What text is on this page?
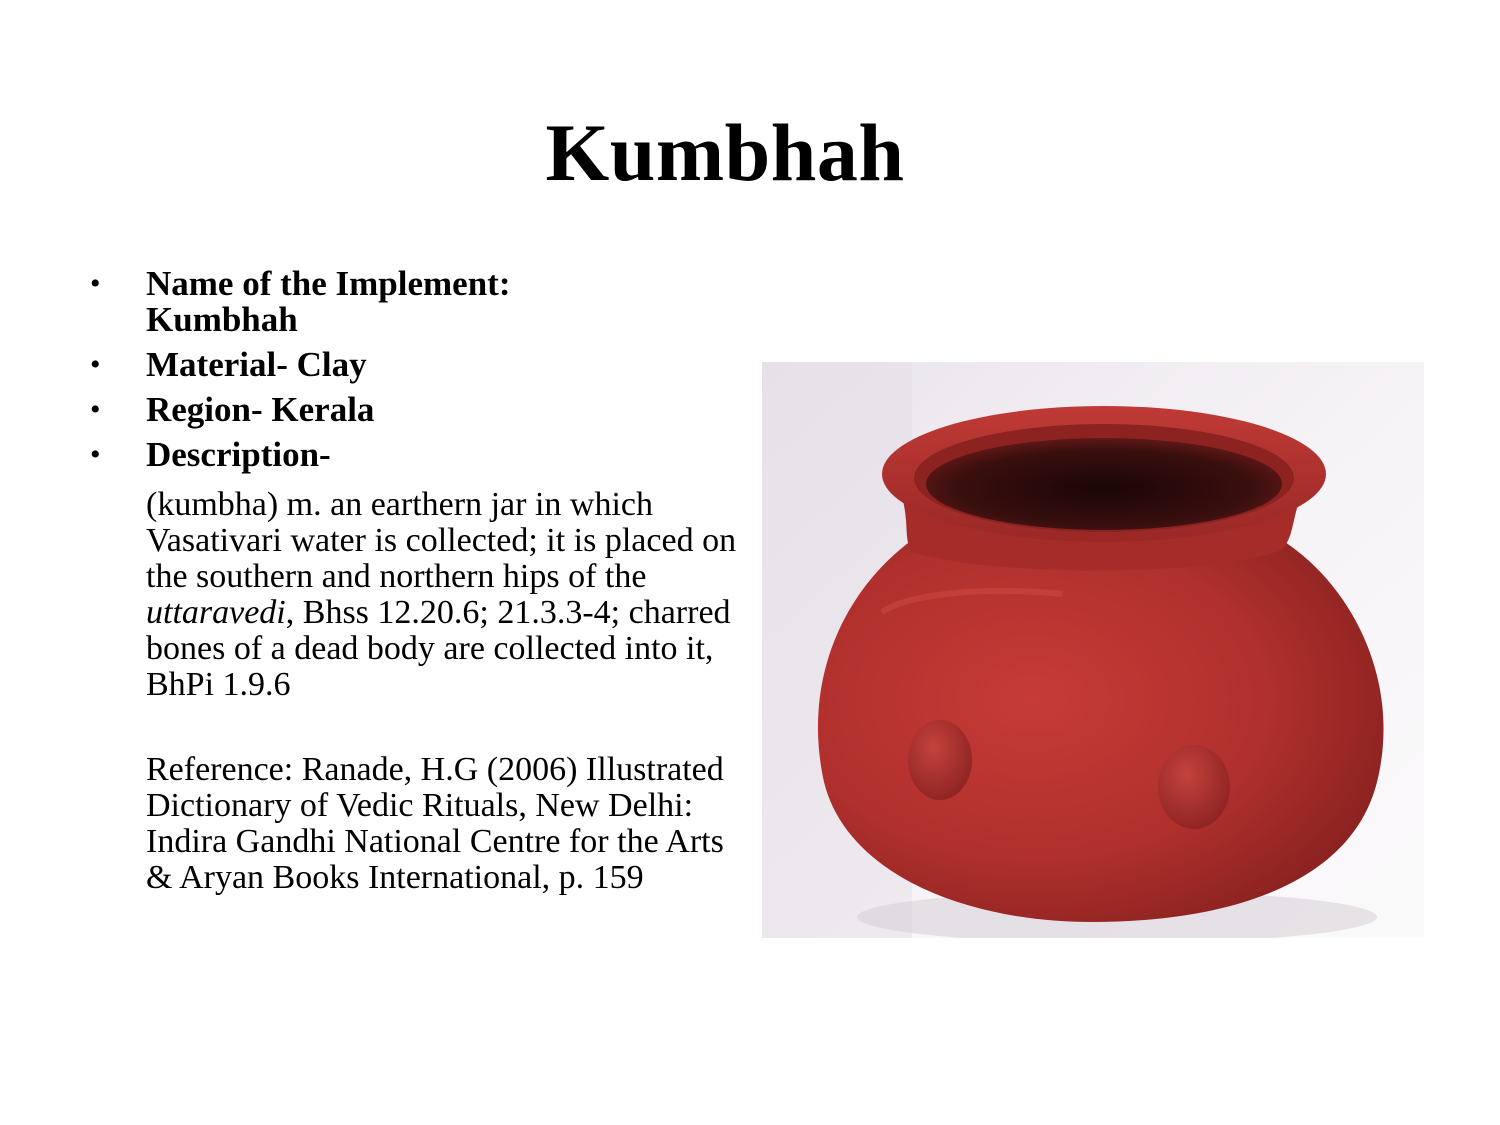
Kumbhah
• Name of the Implement:
Kumbhah
• Material- Clay
• Region- Kerala
• Description-
(kumbha) m. an earthern jar in which Vasativari water is collected; it is placed on the southern and northern hips of the uttaravedi, Bhss 12.20.6; 21.3.3-4; charred bones of a dead body are collected into it, BhPi 1.9.6
Reference: Ranade, H.G (2006) Illustrated Dictionary of Vedic Rituals, New Delhi: Indira Gandhi National Centre for the Arts & Aryan Books International, p. 159
